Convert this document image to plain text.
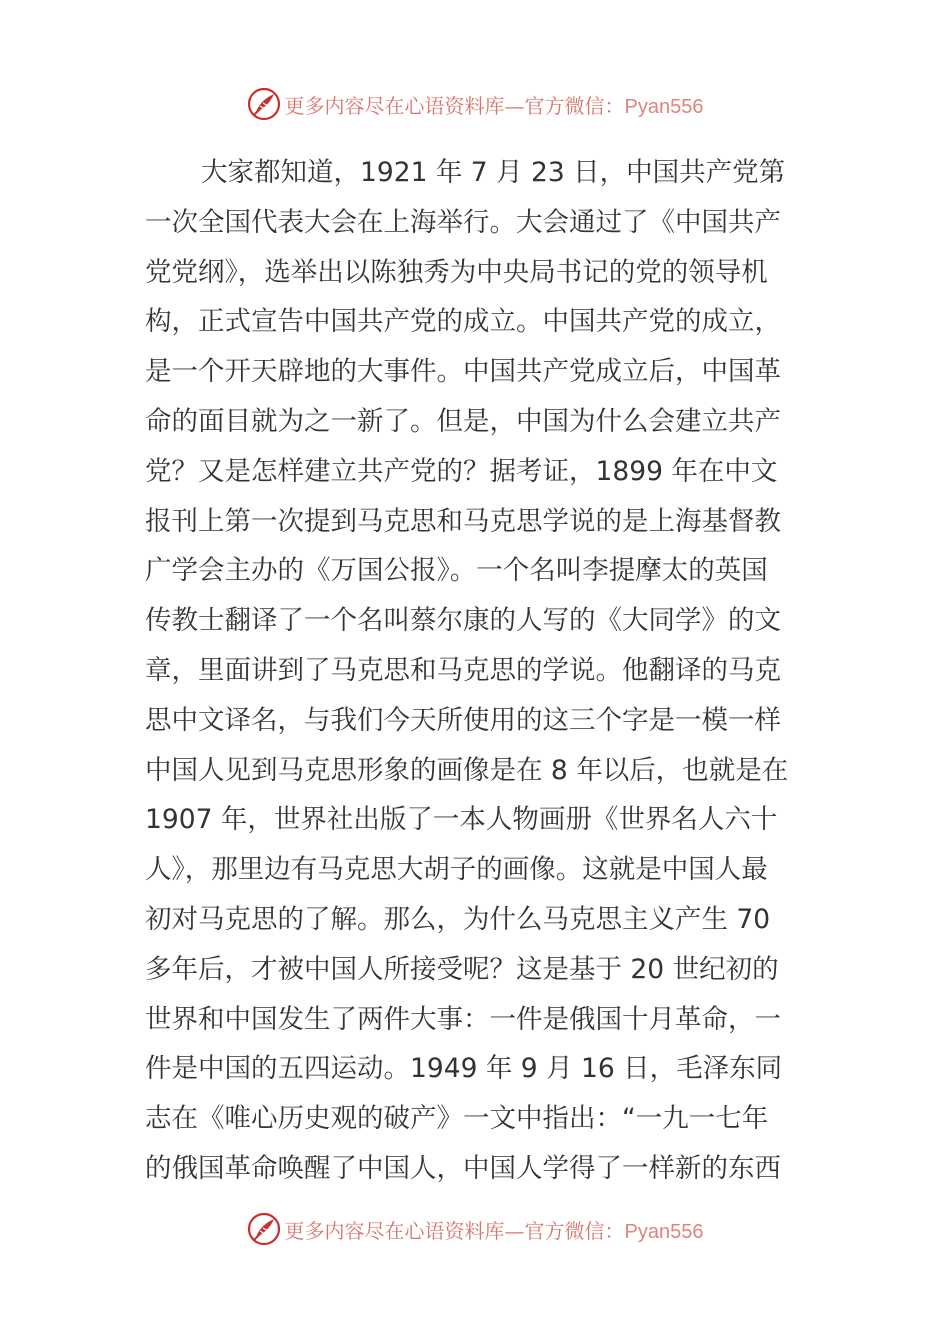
更多内容尽在心语资料库—官方微信：Pyan556
大家都知道，1921 年 7 月 23 日，中国共产党第
一次全国代表大会在上海举行。大会通过了《中国共产
党党纲》，选举出以陈独秀为中央局书记的党的领导机
构，正式宣告中国共产党的成立。中国共产党的成立，
是一个开天辟地的大事件。中国共产党成立后，中国革
命的面目就为之一新了。但是，中国为什么会建立共产
党？又是怎样建立共产党的？据考证，1899 年在中文
报刊上第一次提到马克思和马克思学说的是上海基督教
广学会主办的《万国公报》。一个名叫李提摩太的英国
传教士翻译了一个名叫蔡尔康的人写的《大同学》的文
章，里面讲到了马克思和马克思的学说。他翻译的马克
思中文译名，与我们今天所使用的这三个字是一模一样
中国人见到马克思形象的画像是在 8 年以后，也就是在
1907 年，世界社出版了一本人物画册《世界名人六十
人》，那里边有马克思大胡子的画像。这就是中国人最
初对马克思的了解。那么，为什么马克思主义产生 70
多年后，才被中国人所接受呢？这是基于 20 世纪初的
世界和中国发生了两件大事：一件是俄国十月革命，一
件是中国的五四运动。1949 年 9 月 16 日，毛泽东同
志在《唯心历史观的破产》一文中指出：“一九一七年
的俄国革命唤醒了中国人，中国人学得了一样新的东西
更多内容尽在心语资料库—官方微信：Pyan556
